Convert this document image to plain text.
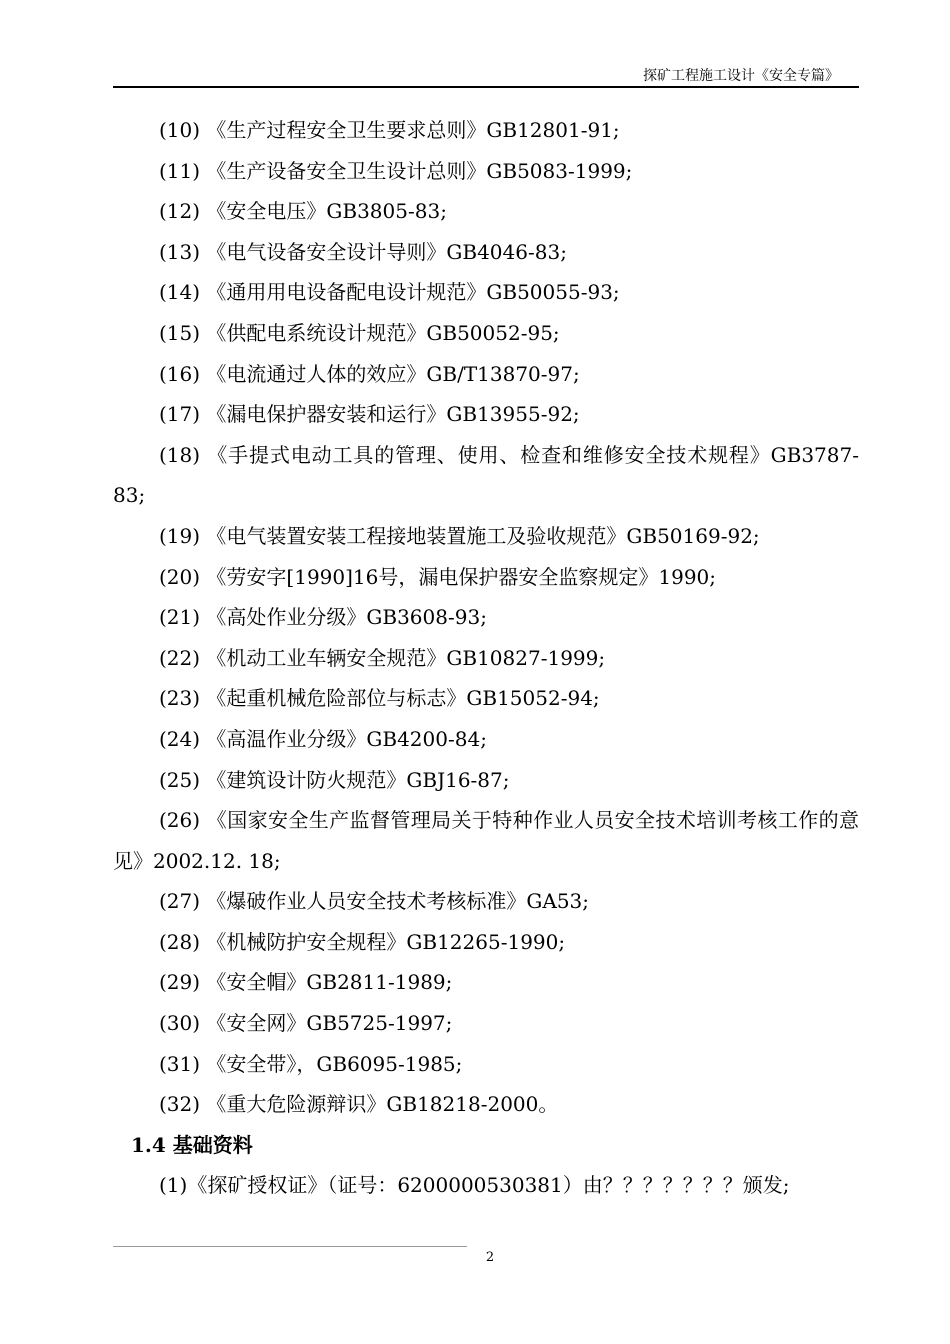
探矿工程施工设计《安全专篇》

(10) 《生产过程安全卫生要求总则》GB12801-91;

(11) 《生产设备安全卫生设计总则》GB5083-1999;

(12) 《安全电压》GB3805-83;

(13) 《电气设备安全设计导则》GB4046-83;

(14) 《通用用电设备配电设计规范》GB50055-93;

(15) 《供配电系统设计规范》GB50052-95;

(16) 《电流通过人体的效应》GB/T13870-97;

(17) 《漏电保护器安装和运行》GB13955-92;

(18) 《手提式电动工具的管理、使用、检查和维修安全技术规程》GB3787-83;

(19) 《电气装置安装工程接地装置施工及验收规范》GB50169-92;

(20) 《劳安字[1990]16号，漏电保护器安全监察规定》1990;

(21) 《高处作业分级》GB3608-93;

(22) 《机动工业车辆安全规范》GB10827-1999;

(23) 《起重机械危险部位与标志》GB15052-94;

(24) 《高温作业分级》GB4200-84;

(25) 《建筑设计防火规范》GBJ16-87;

(26) 《国家安全生产监督管理局关于特种作业人员安全技术培训考核工作的意见》2002.12. 18;

(27) 《爆破作业人员安全技术考核标准》GA53;

(28) 《机械防护安全规程》GB12265-1990;

(29) 《安全帽》GB2811-1989;

(30) 《安全网》GB5725-1997;

(31) 《安全带》，GB6095-1985;

(32) 《重大危险源辩识》GB18218-2000。

1.4 基础资料

(1)《探矿授权证》（证号：6200000530381）由？？？？？？？颁发;

2
